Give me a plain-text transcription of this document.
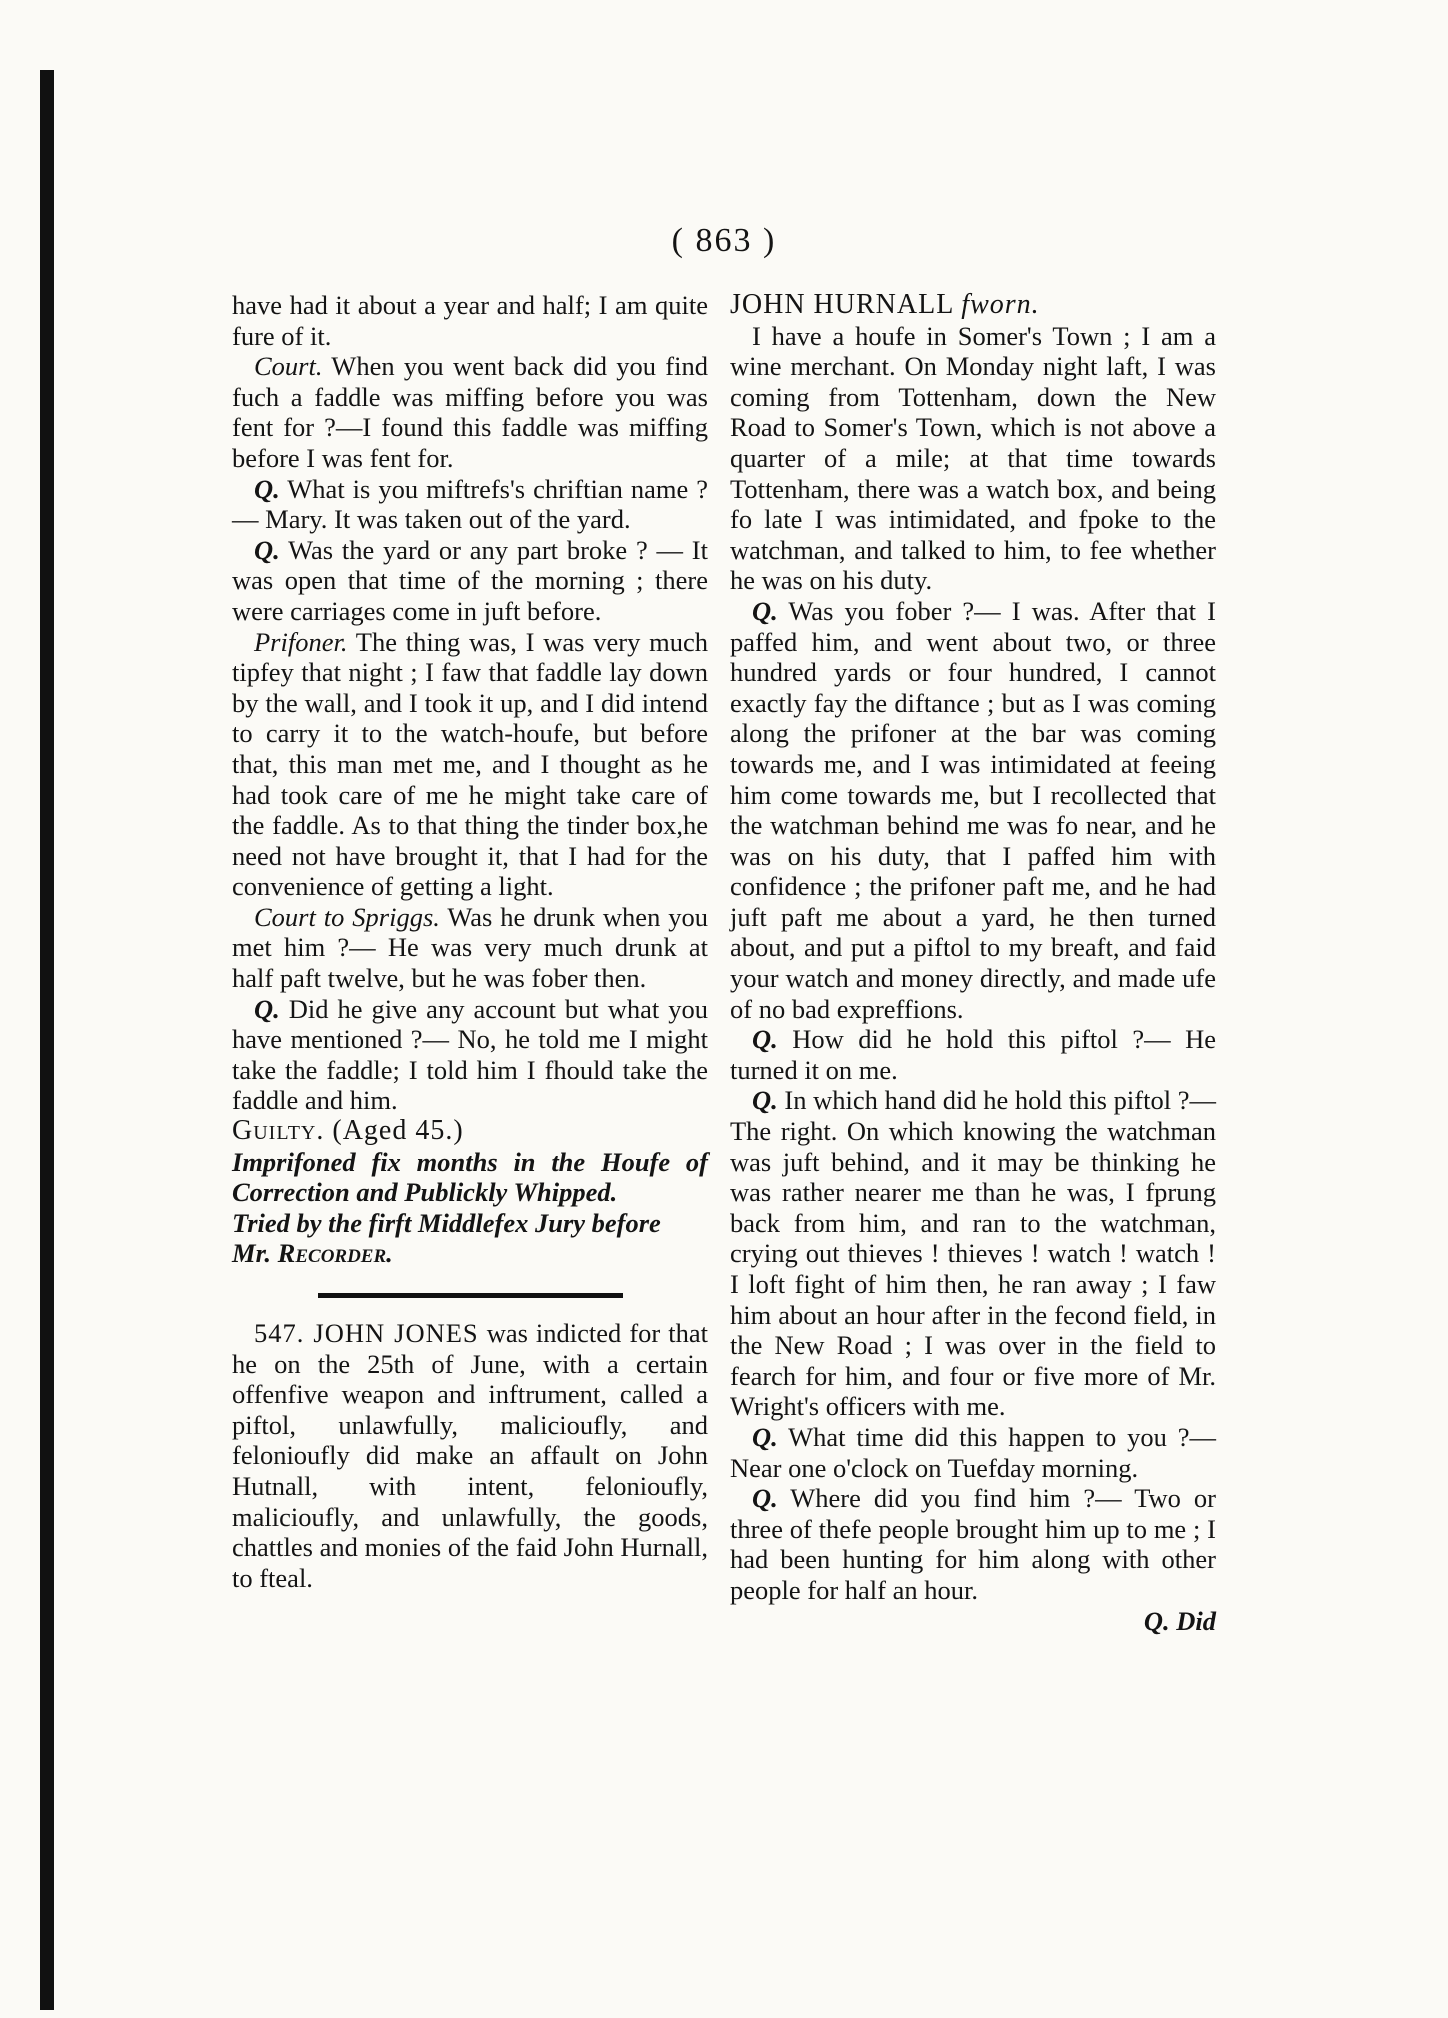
( 863 )

have had it about a year and half; I am quite fure of it.

Court. When you went back did you find fuch a faddle was miffing before you was fent for ?—I found this faddle was miffing before I was fent for.

Q. What is you miftrefs's chriftian name ?— Mary. It was taken out of the yard.

Q. Was the yard or any part broke ? — It was open that time of the morning ; there were carriages come in juft before.

Prifoner. The thing was, I was very much tipfey that night ; I faw that faddle lay down by the wall, and I took it up, and I did intend to carry it to the watch-houfe, but before that, this man met me, and I thought as he had took care of me he might take care of the faddle. As to that thing the tinder box,he need not have brought it, that I had for the convenience of getting a light.

Court to Spriggs. Was he drunk when you met him ?— He was very much drunk at half paft twelve, but he was fober then.

Q. Did he give any account but what you have mentioned ?— No, he told me I might take the faddle; I told him I fhould take the faddle and him.

Guilty. (Aged 45.)

Imprifoned fix months in the Houfe of Correction and Publickly Whipped.

Tried by the firft Middlefex Jury before

Mr. Recorder.

547. JOHN JONES was indicted for that he on the 25th of June, with a certain offenfive weapon and inftrument, called a piftol, unlawfully, malicioufly, and felonioufly did make an affault on John Hutnall, with intent, felonioufly, malicioufly, and unlawfully, the goods, chattles and monies of the faid John Hurnall, to fteal.

JOHN HURNALL fworn.

I have a houfe in Somer's Town ; I am a wine merchant. On Monday night laft, I was coming from Tottenham, down the New Road to Somer's Town, which is not above a quarter of a mile; at that time towards Tottenham, there was a watch box, and being fo late I was intimidated, and fpoke to the watchman, and talked to him, to fee whether he was on his duty.

Q. Was you fober ?— I was. After that I paffed him, and went about two, or three hundred yards or four hundred, I cannot exactly fay the diftance ; but as I was coming along the prifoner at the bar was coming towards me, and I was intimidated at feeing him come towards me, but I recollected that the watchman behind me was fo near, and he was on his duty, that I paffed him with confidence ; the prifoner paft me, and he had juft paft me about a yard, he then turned about, and put a piftol to my breaft, and faid your watch and money directly, and made ufe of no bad expreffions.

Q. How did he hold this piftol ?— He turned it on me.

Q. In which hand did he hold this piftol ?— The right. On which knowing the watchman was juft behind, and it may be thinking he was rather nearer me than he was, I fprung back from him, and ran to the watchman, crying out thieves ! thieves ! watch ! watch ! I loft fight of him then, he ran away ; I faw him about an hour after in the fecond field, in the New Road ; I was over in the field to fearch for him, and four or five more of Mr. Wright's officers with me.

Q. What time did this happen to you ?— Near one o'clock on Tuefday morning.

Q. Where did you find him ?— Two or three of thefe people brought him up to me ; I had been hunting for him along with other people for half an hour.

Q. Did
